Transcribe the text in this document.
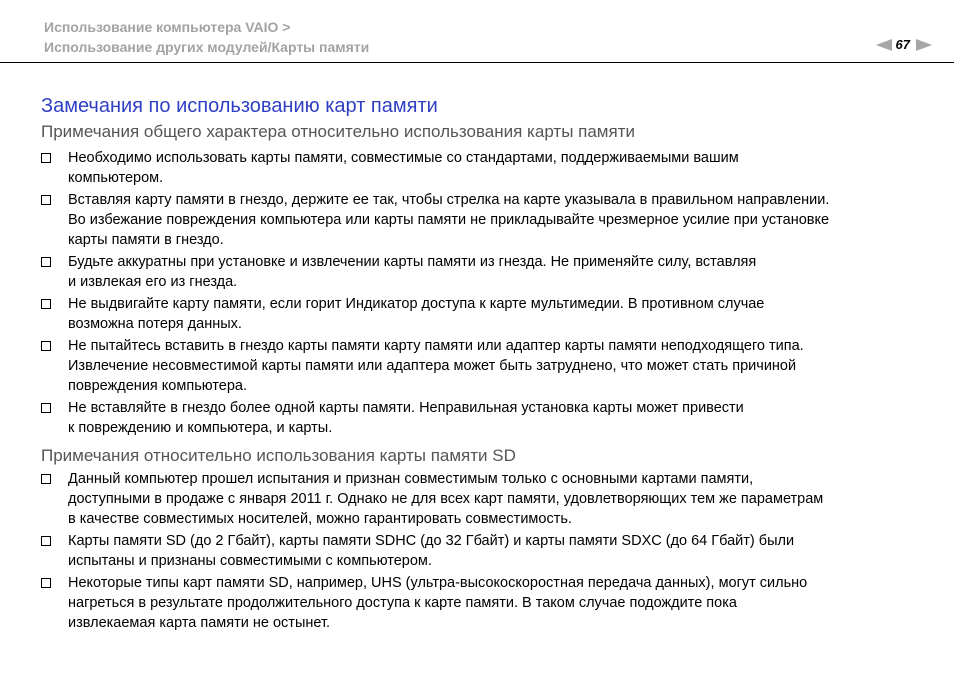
Использование компьютера VAIO >
Использование других модулей/Карты памяти	67
Замечания по использованию карт памяти
Примечания общего характера относительно использования карты памяти
Необходимо использовать карты памяти, совместимые со стандартами, поддерживаемыми вашим
компьютером.
Вставляя карту памяти в гнездо, держите ее так, чтобы стрелка на карте указывала в правильном направлении.
Во избежание повреждения компьютера или карты памяти не прикладывайте чрезмерное усилие при установке
карты памяти в гнездо.
Будьте аккуратны при установке и извлечении карты памяти из гнезда. Не применяйте силу, вставляя
и извлекая его из гнезда.
Не выдвигайте карту памяти, если горит Индикатор доступа к карте мультимедии. В противном случае
возможна потеря данных.
Не пытайтесь вставить в гнездо карты памяти карту памяти или адаптер карты памяти неподходящего типа.
Извлечение несовместимой карты памяти или адаптера может быть затруднено, что может стать причиной
повреждения компьютера.
Не вставляйте в гнездо более одной карты памяти. Неправильная установка карты может привести
к повреждению и компьютера, и карты.
Примечания относительно использования карты памяти SD
Данный компьютер прошел испытания и признан совместимым только с основными картами памяти,
доступными в продаже с января 2011 г. Однако не для всех карт памяти, удовлетворяющих тем же параметрам
в качестве совместимых носителей, можно гарантировать совместимость.
Карты памяти SD (до 2 Гбайт), карты памяти SDHC (до 32 Гбайт) и карты памяти SDXC (до 64 Гбайт) были
испытаны и признаны совместимыми с компьютером.
Некоторые типы карт памяти SD, например, UHS (ультра-высокоскоростная передача данных), могут сильно
нагреться в результате продолжительного доступа к карте памяти. В таком случае подождите пока
извлекаемая карта памяти не остынет.
